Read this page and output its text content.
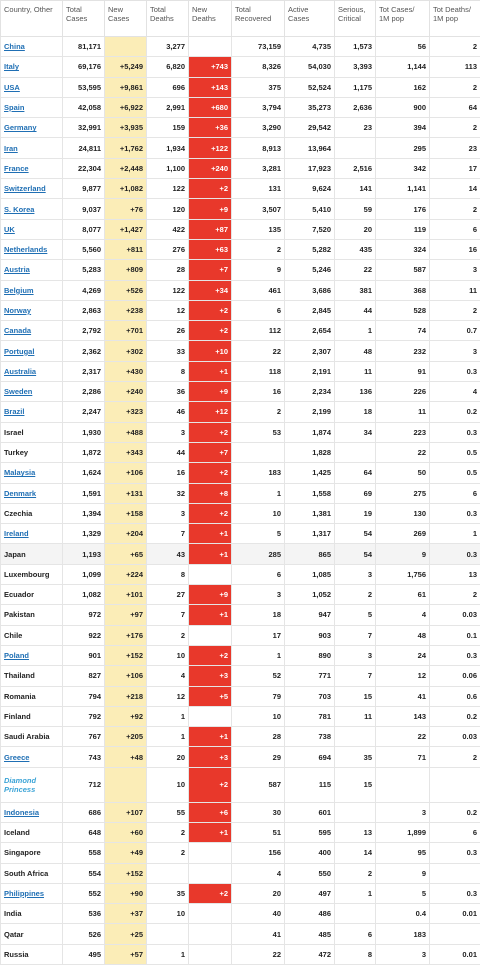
Country, Other	Total Cases	New Cases	Total Deaths	New Deaths	Total Recovered	Active Cases	Serious, Critical	Tot Cases/ 1M pop	Tot Deaths/ 1M pop
China	81,171		3,277		73,159	4,735	1,573	56	2
Italy	69,176	+5,249	6,820	+743	8,326	54,030	3,393	1,144	113
USA	53,595	+9,861	696	+143	375	52,524	1,175	162	2
Spain	42,058	+6,922	2,991	+680	3,794	35,273	2,636	900	64
Germany	32,991	+3,935	159	+36	3,290	29,542	23	394	2
Iran	24,811	+1,762	1,934	+122	8,913	13,964		295	23
France	22,304	+2,448	1,100	+240	3,281	17,923	2,516	342	17
Switzerland	9,877	+1,082	122	+2	131	9,624	141	1,141	14
S. Korea	9,037	+76	120	+9	3,507	5,410	59	176	2
UK	8,077	+1,427	422	+87	135	7,520	20	119	6
Netherlands	5,560	+811	276	+63	2	5,282	435	324	16
Austria	5,283	+809	28	+7	9	5,246	22	587	3
Belgium	4,269	+526	122	+34	461	3,686	381	368	11
Norway	2,863	+238	12	+2	6	2,845	44	528	2
Canada	2,792	+701	26	+2	112	2,654	1	74	0.7
Portugal	2,362	+302	33	+10	22	2,307	48	232	3
Australia	2,317	+430	8	+1	118	2,191	11	91	0.3
Sweden	2,286	+240	36	+9	16	2,234	136	226	4
Brazil	2,247	+323	46	+12	2	2,199	18	11	0.2
Israel	1,930	+488	3	+2	53	1,874	34	223	0.3
Turkey	1,872	+343	44	+7		1,828		22	0.5
Malaysia	1,624	+106	16	+2	183	1,425	64	50	0.5
Denmark	1,591	+131	32	+8	1	1,558	69	275	6
Czechia	1,394	+158	3	+2	10	1,381	19	130	0.3
Ireland	1,329	+204	7	+1	5	1,317	54	269	1
Japan	1,193	+65	43	+1	285	865	54	9	0.3
Luxembourg	1,099	+224	8		6	1,085	3	1,756	13
Ecuador	1,082	+101	27	+9	3	1,052	2	61	2
Pakistan	972	+97	7	+1	18	947	5	4	0.03
Chile	922	+176	2		17	903	7	48	0.1
Poland	901	+152	10	+2	1	890	3	24	0.3
Thailand	827	+106	4	+3	52	771	7	12	0.06
Romania	794	+218	12	+5	79	703	15	41	0.6
Finland	792	+92	1		10	781	11	143	0.2
Saudi Arabia	767	+205	1	+1	28	738		22	0.03
Greece	743	+48	20	+3	29	694	35	71	2
Diamond Princess	712		10	+2	587	115	15		
Indonesia	686	+107	55	+6	30	601		3	0.2
Iceland	648	+60	2	+1	51	595	13	1,899	6
Singapore	558	+49	2		156	400	14	95	0.3
South Africa	554	+152			4	550	2	9	
Philippines	552	+90	35	+2	20	497	1	5	0.3
India	536	+37	10		40	486		0.4	0.01
Qatar	526	+25			41	485	6	183	
Russia	495	+57	1		22	472	8	3	0.01
